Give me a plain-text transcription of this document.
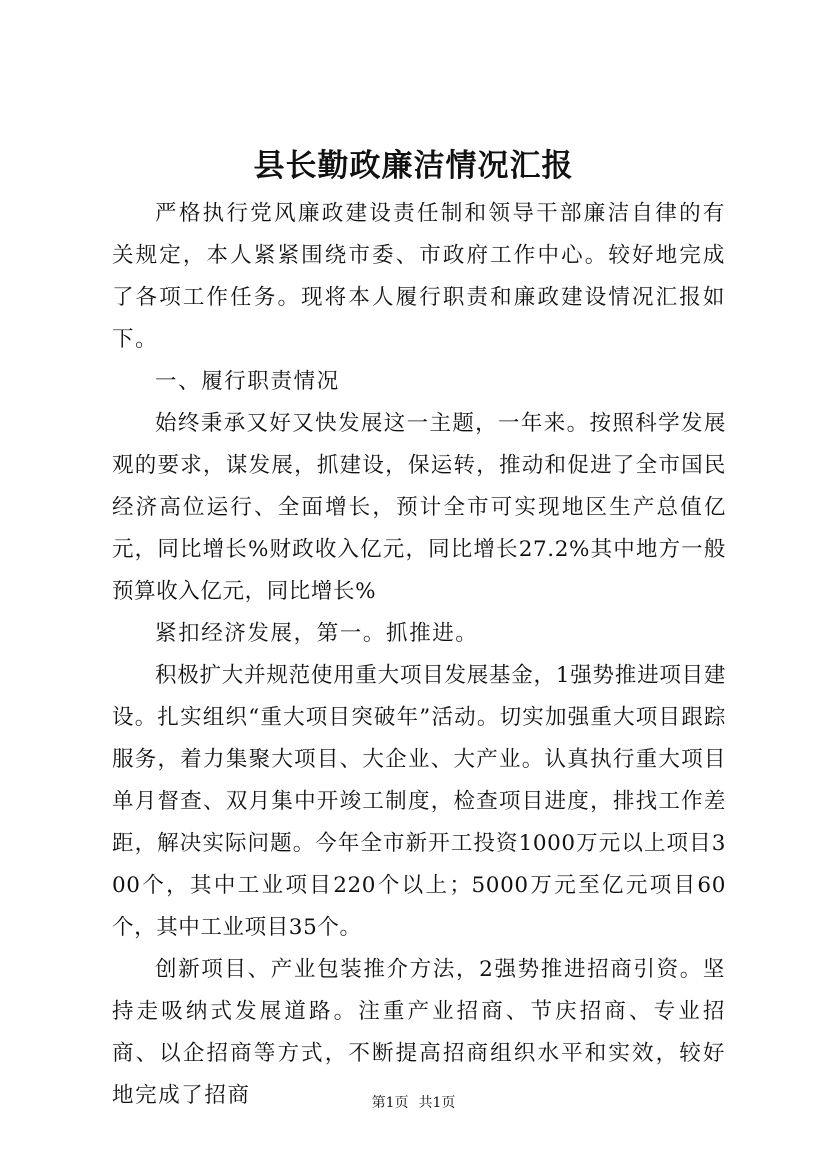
县长勤政廉洁情况汇报

严格执行党风廉政建设责任制和领导干部廉洁自律的有关规定，本人紧紧围绕市委、市政府工作中心。较好地完成了各项工作任务。现将本人履行职责和廉政建设情况汇报如下。

一、履行职责情况

始终秉承又好又快发展这一主题，一年来。按照科学发展观的要求，谋发展，抓建设，保运转，推动和促进了全市国民经济高位运行、全面增长，预计全市可实现地区生产总值亿元，同比增长%财政收入亿元，同比增长27.2%其中地方一般预算收入亿元，同比增长%

紧扣经济发展，第一。抓推进。

积极扩大并规范使用重大项目发展基金，1强势推进项目建设。扎实组织“重大项目突破年”活动。切实加强重大项目跟踪服务，着力集聚大项目、大企业、大产业。认真执行重大项目单月督查、双月集中开竣工制度，检查项目进度，排找工作差距，解决实际问题。今年全市新开工投资1000万元以上项目300个，其中工业项目220个以上；5000万元至亿元项目60个，其中工业项目35个。

创新项目、产业包装推介方法，2强势推进招商引资。坚持走吸纳式发展道路。注重产业招商、节庆招商、专业招商、以企招商等方式，不断提高招商组织水平和实效，较好地完成了招商	第1页 共1页
